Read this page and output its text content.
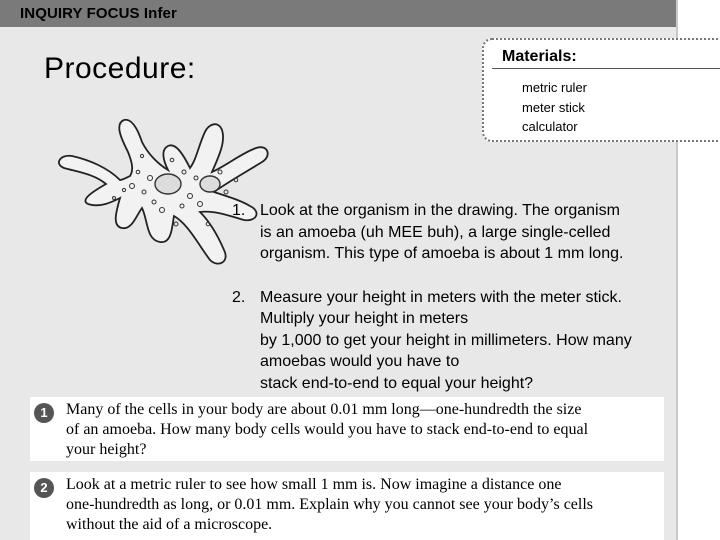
INQUIRY FOCUS Infer
Procedure:	Materials:
metric ruler
meter stick
calculator
1. Look at the organism in the drawing. The organism
is an amoeba (uh MEE buh), a large single-celled
organism. This type of amoeba is about 1 mm long.
2. Measure your height in meters with the meter stick.
Multiply your height in meters
by 1,000 to get your height in millimeters. How many
amoebas would you have to
stack end-to-end to equal your height?
1	Many of the cells in your body are about 0.01 mm long—one-hundredth the size
of an amoeba. How many body cells would you have to stack end-to-end to equal
your height?
2	Look at a metric ruler to see how small 1 mm is. Now imagine a distance one
one-hundredth as long, or 0.01 mm. Explain why you cannot see your body’s cells
without the aid of a microscope.
